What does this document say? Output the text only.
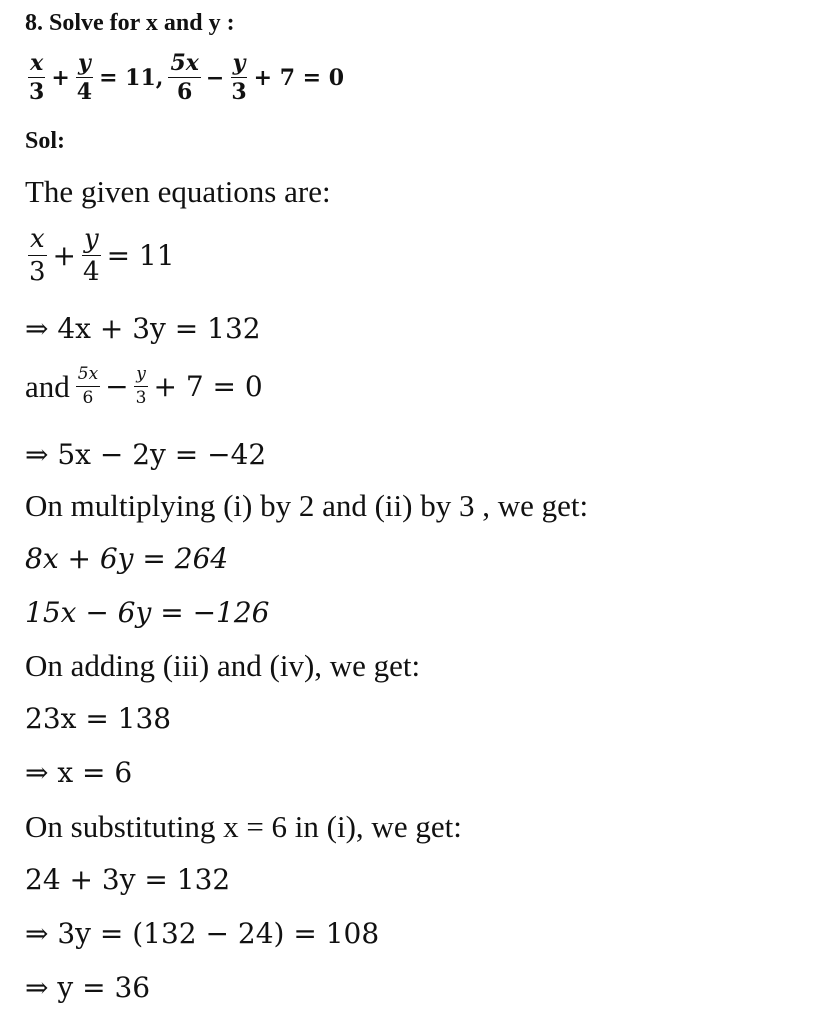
8. Solve for x and y :
$\frac{x}{3} + \frac{y}{4} = 11$, $\frac{5x}{6} - \frac{y}{3} + 7 = 0$
Sol:
The given equations are:
$\frac{x}{3} + \frac{y}{4} = 11$
⇒ 4x + 3y = 132
and $\frac{5x}{6} - \frac{y}{3} + 7 = 0$
⇒ 5x − 2y = −42
On multiplying (i) by 2 and (ii) by 3 , we get:
8x + 6y = 264
15x − 6y = −126
On adding (iii) and (iv), we get:
23x = 138
⇒ x = 6
On substituting x = 6 in (i), we get:
24 + 3y = 132
⇒ 3y = (132 − 24) = 108
⇒ y = 36
